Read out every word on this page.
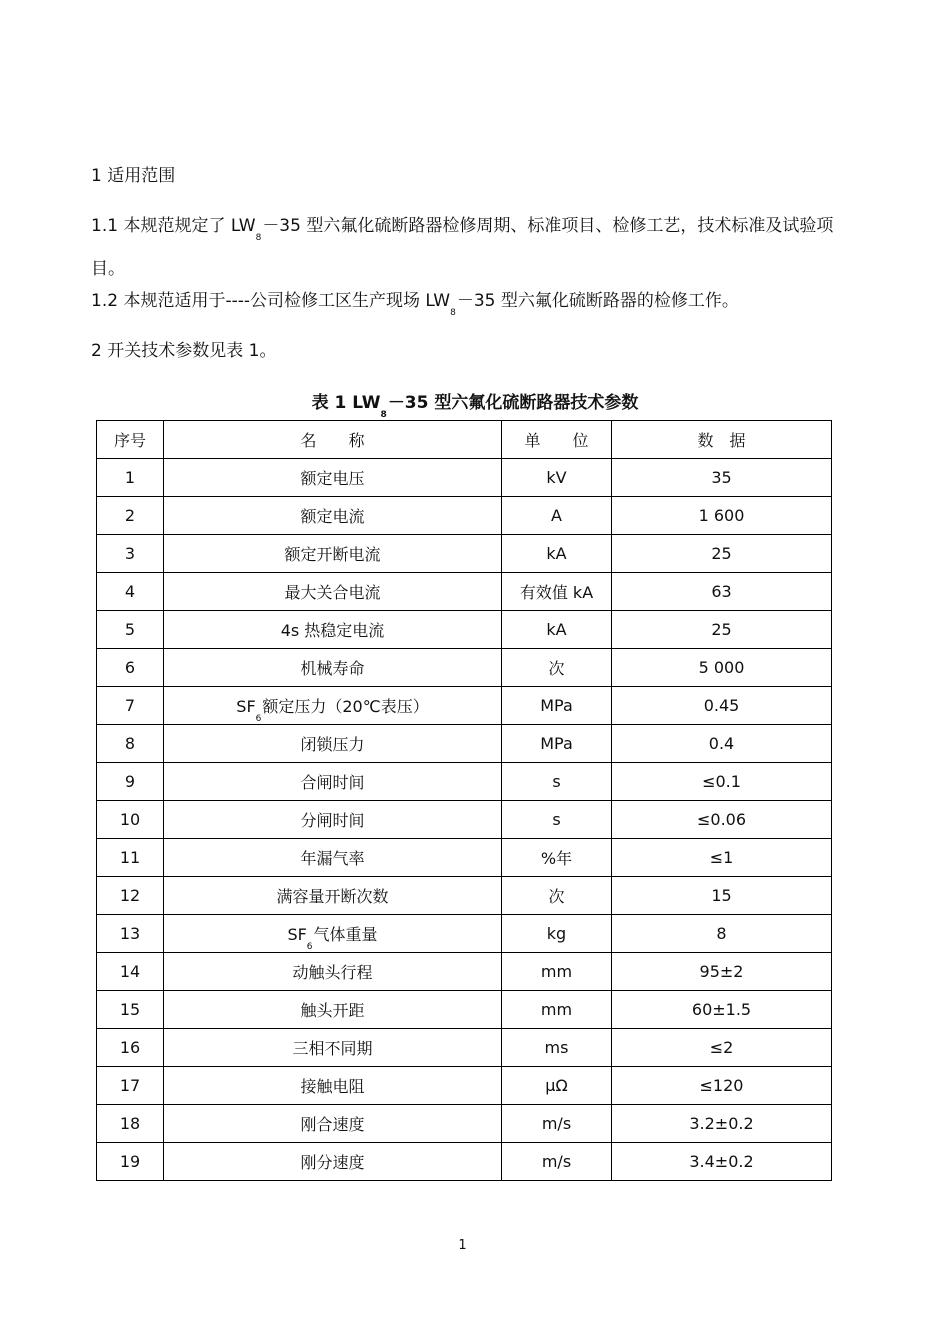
1 适用范围
1.1 本规范规定了 $LW_8-35$ 型六氟化硫断路器检修周期、标准项目、检修工艺，技术标准及试验项目。
1.2 本规范适用于----公司检修工区生产现场 $LW_8-35$ 型六氟化硫断路器的检修工作。
2 开关技术参数见表 1。
表 1 $LW_8-35$ 型六氟化硫断路器技术参数
序号	名　　称	单　　位	数　据
1	额定电压	kV	35
2	额定电流	A	1 600
3	额定开断电流	kA	25
4	最大关合电流	有效值 kA	63
5	4s 热稳定电流	kA	25
6	机械寿命	次	5 000
7	$SF_6$额定压力（20℃表压）	MPa	0.45
8	闭锁压力	MPa	0.4
9	合闸时间	s	≤0.1
10	分闸时间	s	≤0.06
11	年漏气率	%年	≤1
12	满容量开断次数	次	15
13	$SF_6$气体重量	kg	8
14	动触头行程	mm	95±2
15	触头开距	mm	60±1.5
16	三相不同期	ms	≤2
17	接触电阻	μΩ	≤120
18	刚合速度	m/s	3.2±0.2
19	刚分速度	m/s	3.4±0.2
1
